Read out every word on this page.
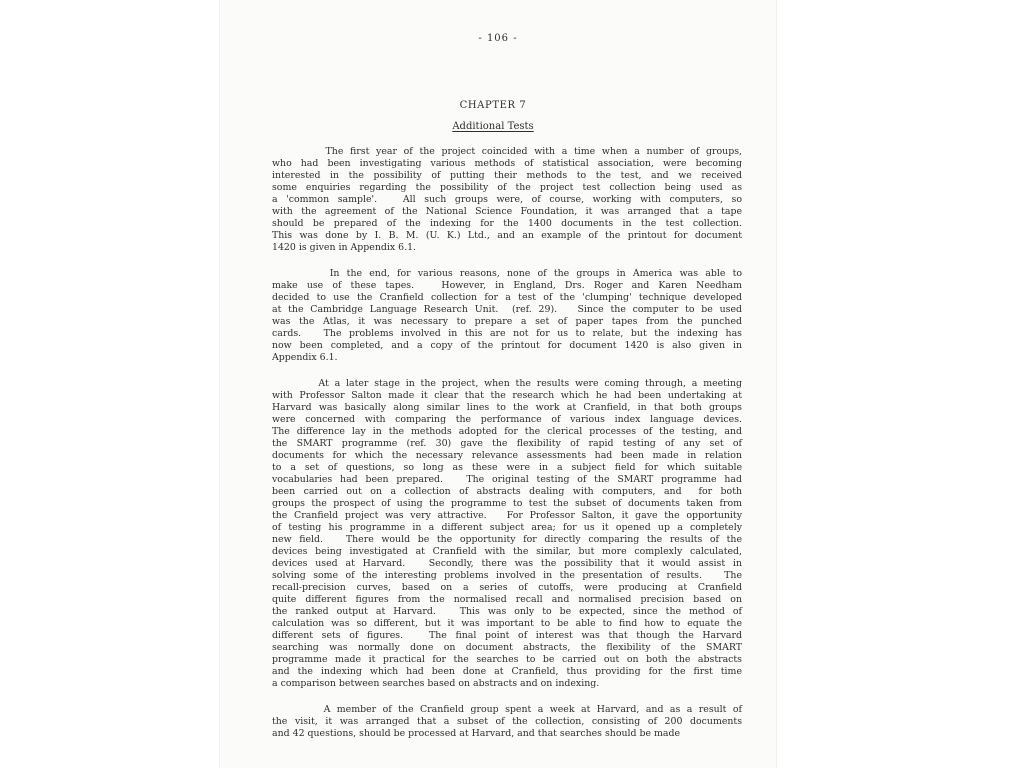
- 106 -
CHAPTER 7
Additional Tests
The first year of the project coincided with a time when a number of groups,
who had been investigating various methods of statistical association, were becoming
interested in the possibility of putting their methods to the test, and we received
some enquiries regarding the possibility of the project test collection being used as
a 'common sample'.   All such groups were, of course, working with computers, so
with the agreement of the National Science Foundation, it was arranged that a tape
should be prepared of the indexing for the 1400 documents in the test collection.
This was done by I. B. M. (U. K.) Ltd., and an example of the printout for document
1420 is given in Appendix 6.1.
In the end, for various reasons, none of the groups in America was able to
make use of these tapes.   However, in England, Drs. Roger and Karen Needham
decided to use the Cranfield collection for a test of the 'clumping' technique developed
at the Cambridge Language Research Unit.  (ref. 29).   Since the computer to be used
was the Atlas, it was necessary to prepare a set of paper tapes from the punched
cards.   The problems involved in this are not for us to relate, but the indexing has
now been completed, and a copy of the printout for document 1420 is also given in
Appendix 6.1.
At a later stage in the project, when the results were coming through, a meeting
with Professor Salton made it clear that the research which he had been undertaking at
Harvard was basically along similar lines to the work at Cranfield, in that both groups
were concerned with comparing the performance of various index language devices.
The difference lay in the methods adopted for the clerical processes of the testing, and
the SMART programme (ref. 30) gave the flexibility of rapid testing of any set of
documents for which the necessary relevance assessments had been made in relation
to a set of questions, so long as these were in a subject field for which suitable
vocabularies had been prepared.   The original testing of the SMART programme had
been carried out on a collection of abstracts dealing with computers, and  for both
groups the prospect of using the programme to test the subset of documents taken from
the Cranfield project was very attractive.   For Professor Salton, it gave the opportunity
of testing his programme in a different subject area; for us it opened up a completely
new field.   There would be the opportunity for directly comparing the results of the
devices being investigated at Cranfield with the similar, but more complexly calculated,
devices used at Harvard.   Secondly, there was the possibility that it would assist in
solving some of the interesting problems involved in the presentation of results.   The
recall-precision curves, based on a series of cutoffs, were producing at Cranfield
quite different figures from the normalised recall and normalised precision based on
the ranked output at Harvard.   This was only to be expected, since the method of
calculation was so different, but it was important to be able to find how to equate the
different sets of figures.   The final point of interest was that though the Harvard
searching was normally done on document abstracts, the flexibility of the SMART
programme made it practical for the searches to be carried out on both the abstracts
and the indexing which had been done at Cranfield, thus providing for the first time
a comparison between searches based on abstracts and on indexing.
A member of the Cranfield group spent a week at Harvard, and as a result of
the visit, it was arranged that a subset of the collection, consisting of 200 documents
and 42 questions, should be processed at Harvard, and that searches should be made
